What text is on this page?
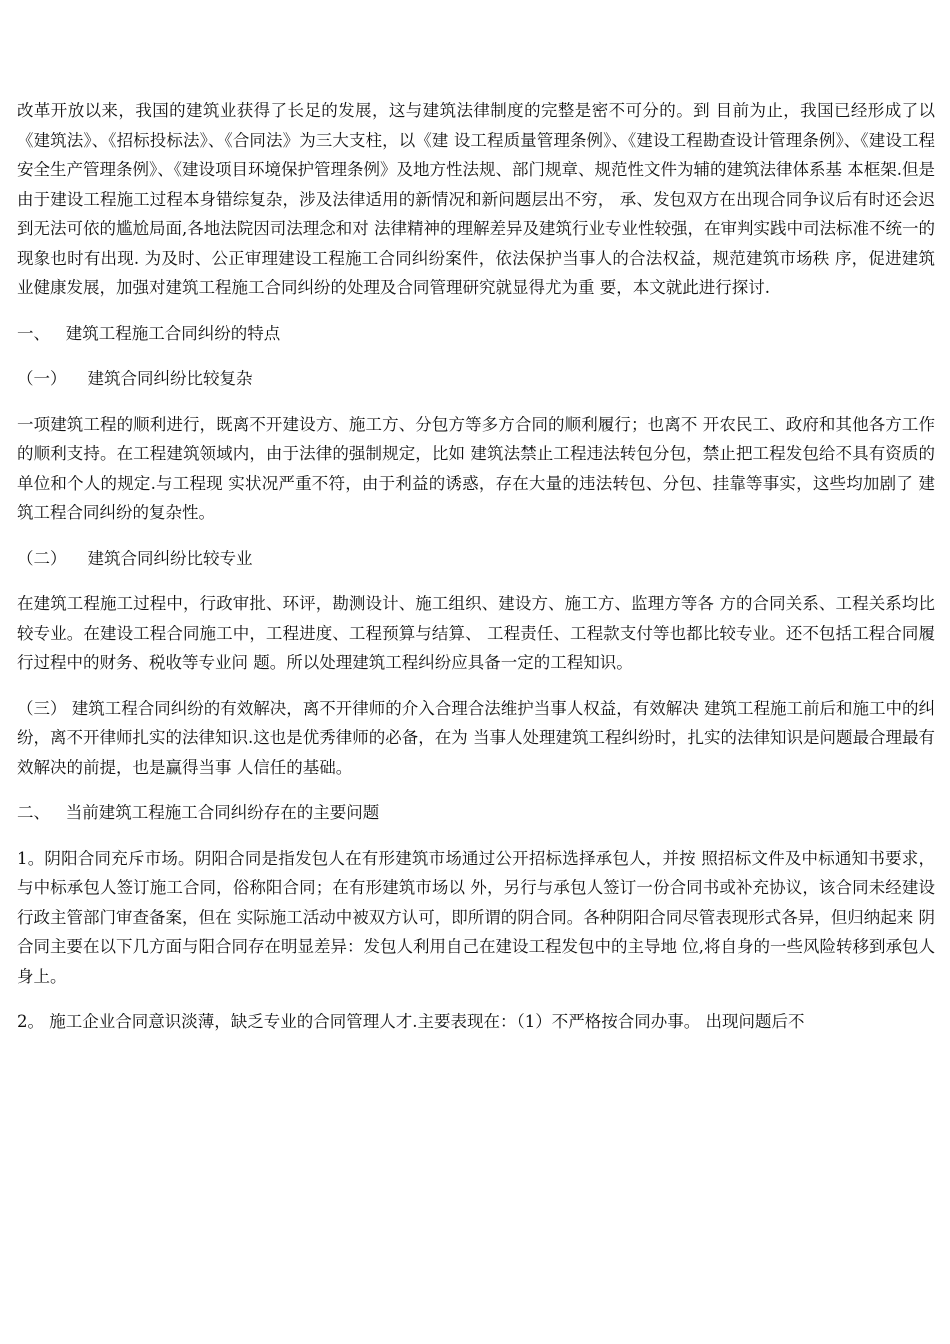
改革开放以来，我国的建筑业获得了长足的发展，这与建筑法律制度的完整是密不可分的。到 目前为止，我国已经形成了以《建筑法》、《招标投标法》、《合同法》为三大支柱，以《建 设工程质量管理条例》、《建设工程勘查设计管理条例》、《建设工程安全生产管理条例》、《建设项目环境保护管理条例》及地方性法规、部门规章、规范性文件为辅的建筑法律体系基 本框架.但是由于建设工程施工过程本身错综复杂，涉及法律适用的新情况和新问题层出不穷， 承、发包双方在出现合同争议后有时还会迟到无法可依的尴尬局面,各地法院因司法理念和对 法律精神的理解差异及建筑行业专业性较强，在审判实践中司法标准不统一的现象也时有出现. 为及时、公正审理建设工程施工合同纠纷案件，依法保护当事人的合法权益，规范建筑市场秩 序，促进建筑业健康发展，加强对建筑工程施工合同纠纷的处理及合同管理研究就显得尤为重 要，本文就此进行探讨.

一、   建筑工程施工合同纠纷的特点

（一）    建筑合同纠纷比较复杂

一项建筑工程的顺利进行，既离不开建设方、施工方、分包方等多方合同的顺利履行；也离不 开农民工、政府和其他各方工作的顺利支持。在工程建筑领域内，由于法律的强制规定，比如 建筑法禁止工程违法转包分包，禁止把工程发包给不具有资质的单位和个人的规定.与工程现 实状况严重不符，由于利益的诱惑，存在大量的违法转包、分包、挂靠等事实，这些均加剧了 建筑工程合同纠纷的复杂性。

（二）    建筑合同纠纷比较专业

在建筑工程施工过程中，行政审批、环评，勘测设计、施工组织、建设方、施工方、监理方等各 方的合同关系、工程关系均比较专业。在建设工程合同施工中，工程进度、工程预算与结算、 工程责任、工程款支付等也都比较专业。还不包括工程合同履行过程中的财务、税收等专业问 题。所以处理建筑工程纠纷应具备一定的工程知识。

（三） 建筑工程合同纠纷的有效解决，离不开律师的介入合理合法维护当事人权益，有效解决 建筑工程施工前后和施工中的纠纷，离不开律师扎实的法律知识.这也是优秀律师的必备，在为 当事人处理建筑工程纠纷时，扎实的法律知识是问题最合理最有效解决的前提，也是赢得当事 人信任的基础。

二、   当前建筑工程施工合同纠纷存在的主要问题

1。阴阳合同充斥市场。阴阳合同是指发包人在有形建筑市场通过公开招标选择承包人，并按 照招标文件及中标通知书要求，与中标承包人签订施工合同，俗称阳合同；在有形建筑市场以 外，另行与承包人签订一份合同书或补充协议，该合同未经建设行政主管部门审查备案，但在 实际施工活动中被双方认可，即所谓的阴合同。各种阴阳合同尽管表现形式各异，但归纳起来 阴合同主要在以下几方面与阳合同存在明显差异：发包人利用自己在建设工程发包中的主导地 位,将自身的一些风险转移到承包人身上。

2。 施工企业合同意识淡薄，缺乏专业的合同管理人才.主要表现在：（1）不严格按合同办事。 出现问题后不
